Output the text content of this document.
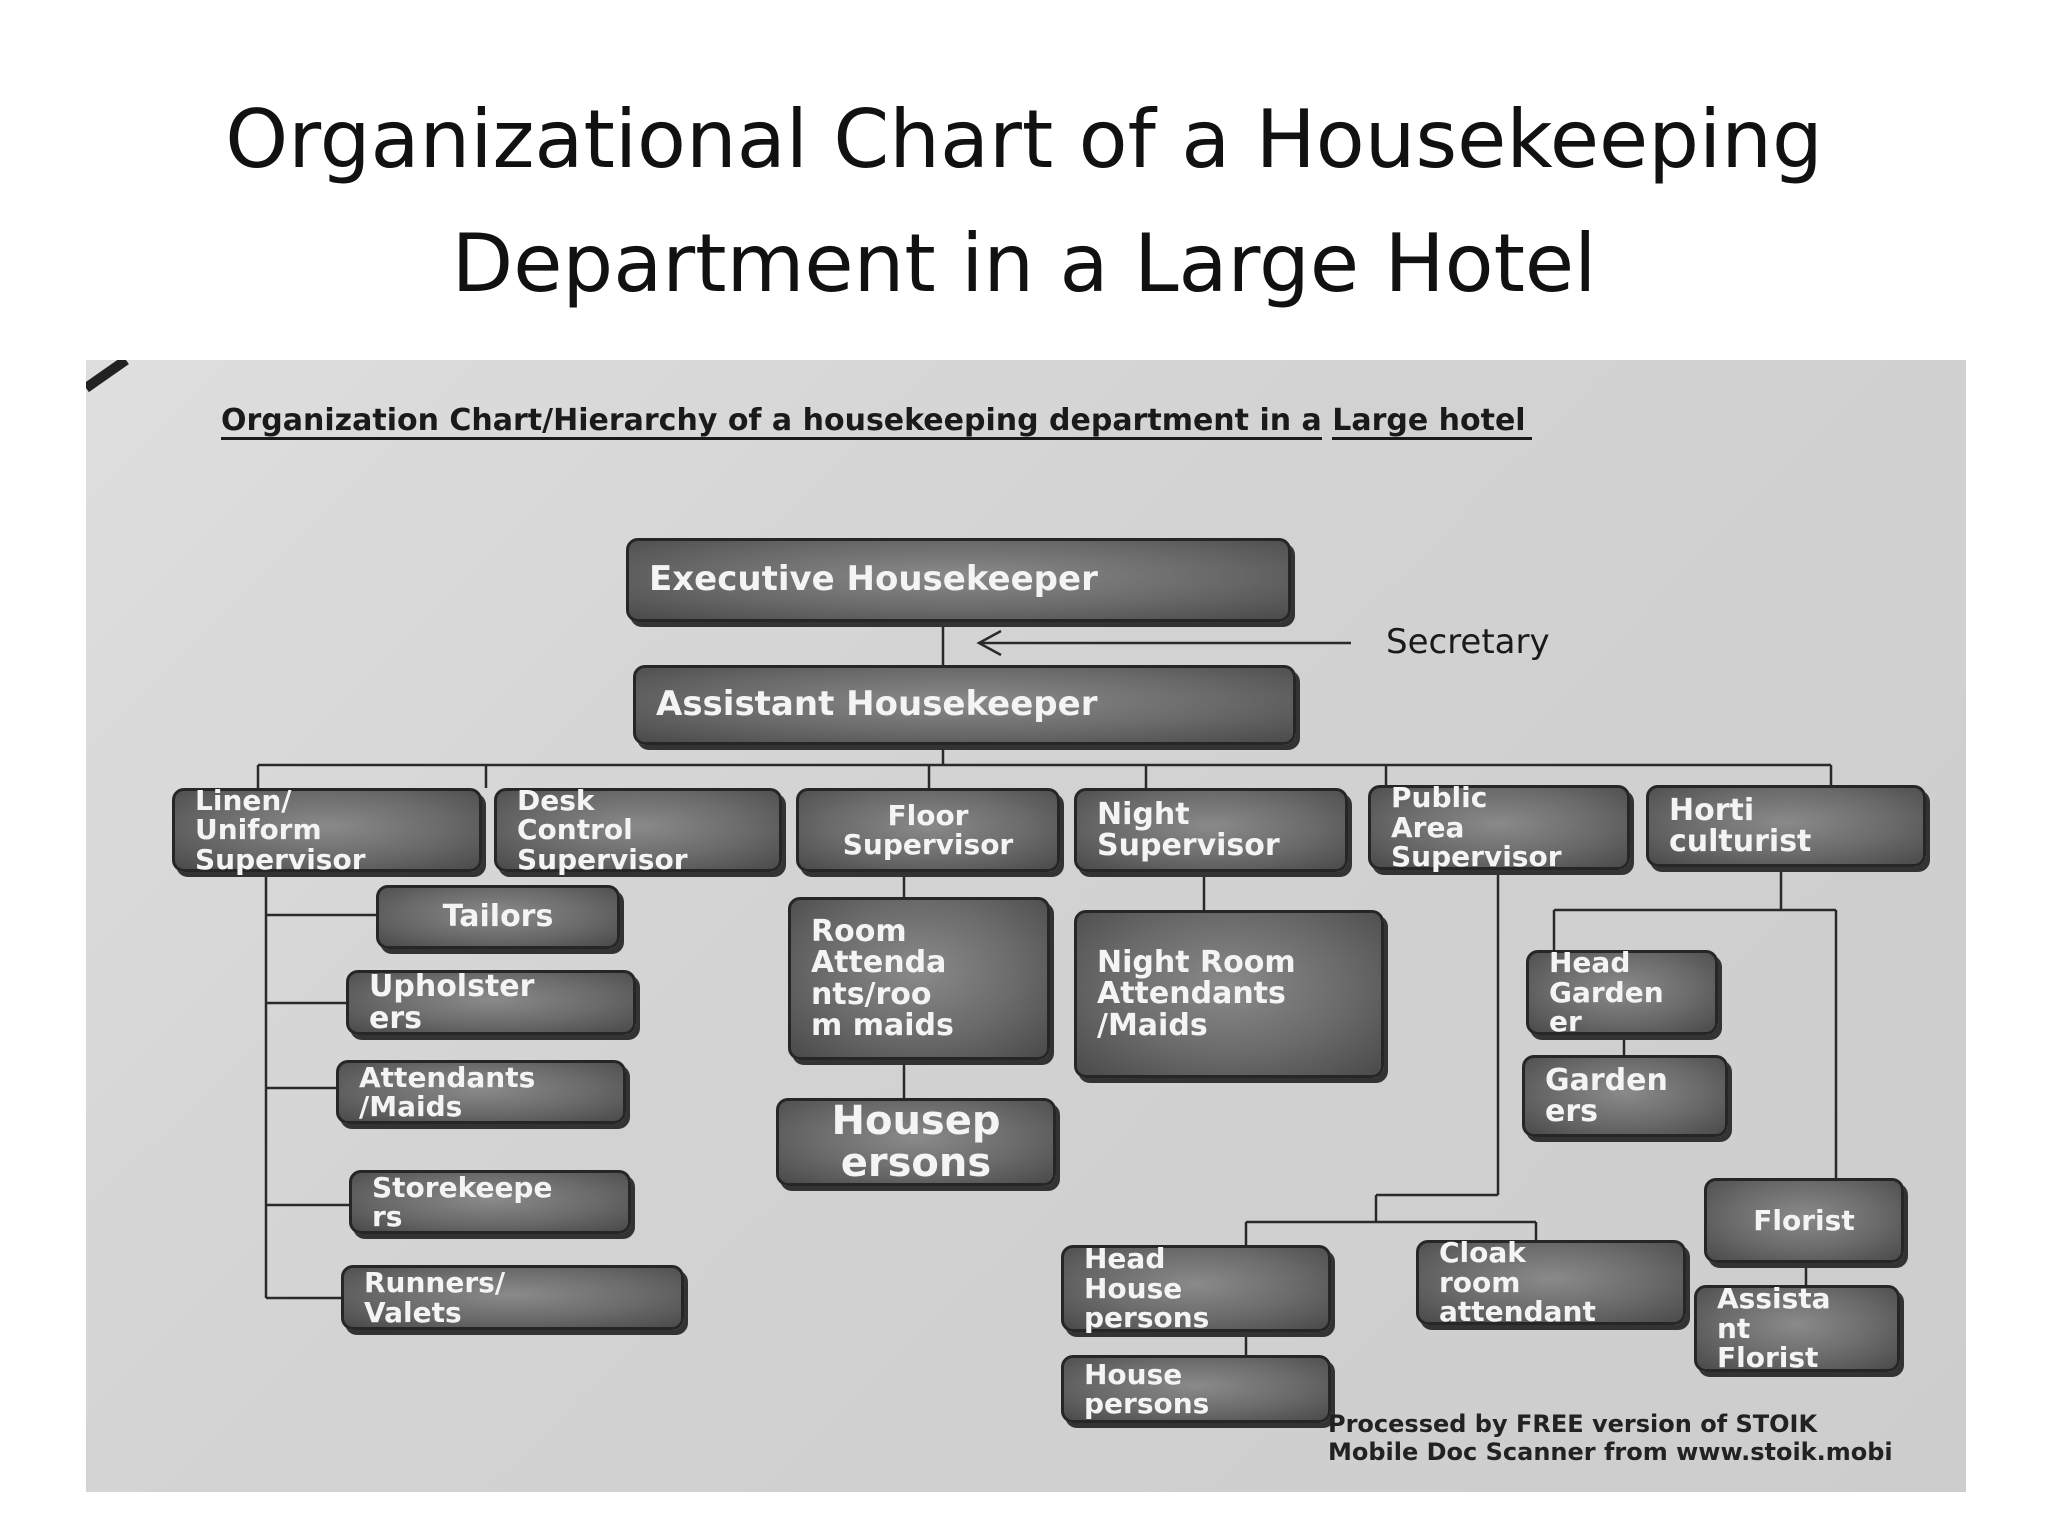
Organizational Chart of a Housekeeping
Department in a Large Hotel
Organization Chart/Hierarchy of a housekeeping department in a Large hotel
Secretary
Executive Housekeeper
Assistant Housekeeper
Linen/
Uniform
Supervisor
Desk
Control
Supervisor
Floor
Supervisor
Night
Supervisor
Public
Area
Supervisor
Horti
culturist
Tailors
Upholster
ers
Attendants
/Maids
Storekeepe
rs
Runners/
Valets
Room
Attenda
nts/roo
m maids
Housep
ersons
Night Room
Attendants
/Maids
Head
Garden
er
Garden
ers
Head
House
persons
House
persons
Cloak
room
attendant
Florist
Assista
nt
Florist
Processed by FREE version of STOIK
Mobile Doc Scanner from www.stoik.mobi
